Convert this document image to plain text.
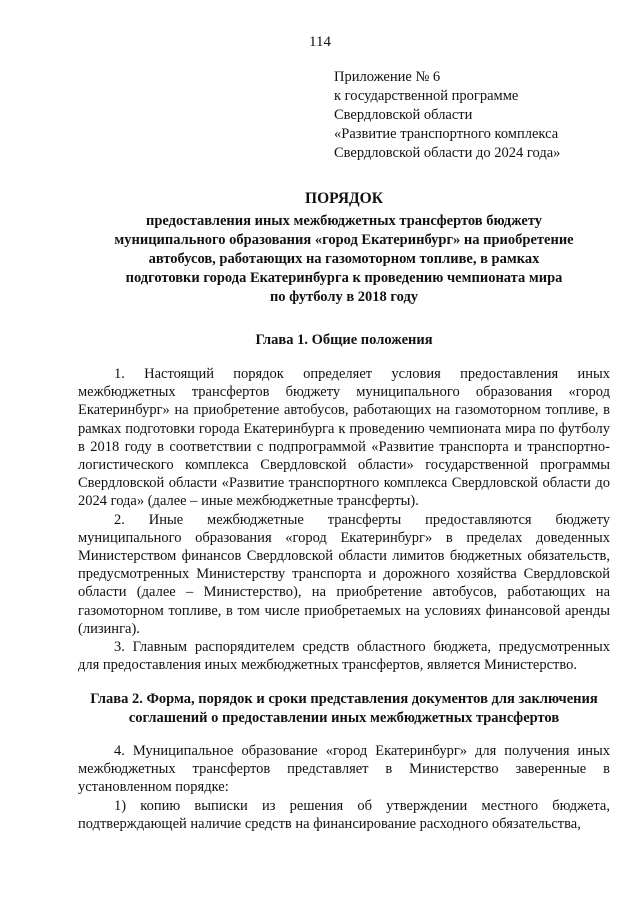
114
Приложение № 6
к государственной программе
Свердловской области
«Развитие транспортного комплекса
Свердловской области до 2024 года»
ПОРЯДОК
предоставления иных межбюджетных трансфертов бюджету
муниципального образования «город Екатеринбург» на приобретение
автобусов, работающих на газомоторном топливе, в рамках
подготовки города Екатеринбурга к проведению чемпионата мира
по футболу в 2018 году
Глава 1. Общие положения

1. Настоящий порядок определяет условия предоставления иных межбюджетных трансфертов бюджету муниципального образования «город Екатеринбург» на приобретение автобусов, работающих на газомоторном топливе, в рамках подготовки города Екатеринбурга к проведению чемпионата мира по футболу в 2018 году в соответствии с подпрограммой «Развитие транспорта и транспортно-логистического комплекса Свердловской области» государственной программы Свердловской области «Развитие транспортного комплекса Свердловской области до 2024 года» (далее – иные межбюджетные трансферты).

2. Иные межбюджетные трансферты предоставляются бюджету муниципального образования «город Екатеринбург» в пределах доведенных Министерством финансов Свердловской области лимитов бюджетных обязательств, предусмотренных Министерству транспорта и дорожного хозяйства Свердловской области (далее – Министерство), на приобретение автобусов, работающих на газомоторном топливе, в том числе приобретаемых на условиях финансовой аренды (лизинга).

3. Главным распорядителем средств областного бюджета, предусмотренных для предоставления иных межбюджетных трансфертов, является Министерство.

Глава 2. Форма, порядок и сроки представления документов для заключения
соглашений о предоставлении иных межбюджетных трансфертов

4. Муниципальное образование «город Екатеринбург» для получения иных межбюджетных трансфертов представляет в Министерство заверенные в установленном порядке:

1) копию выписки из решения об утверждении местного бюджета, подтверждающей наличие средств на финансирование расходного обязательства,
